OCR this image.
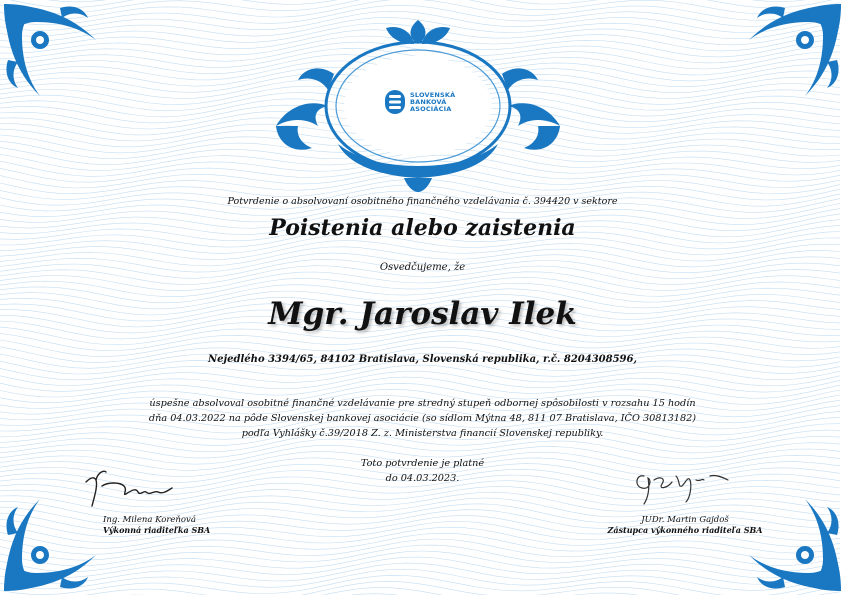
SLOVENSKÁ
BANKOVÁ
ASOCIÁCIA
Potvrdenie o absolvovaní osobitného finančného vzdelávania č. 394420 v sektore
Poistenia alebo zaistenia
Osvedčujeme, že
Mgr. Jaroslav Ilek
Nejedlého 3394/65, 84102 Bratislava, Slovenská republika, r.č. 8204308596,
úspešne absolvoval osobitné finančné vzdelávanie pre stredný stupeň odbornej spôsobilosti v rozsahu 15 hodín
dňa 04.03.2022 na pôde Slovenskej bankovej asociácie (so sídlom Mýtna 48, 811 07 Bratislava, IČO 30813182)
podľa Vyhlášky č.39/2018 Z. z. Ministerstva financií Slovenskej republiky.
Toto potvrdenie je platné
do 04.03.2023.
Ing. Milena Koreňová
Výkonná riaditeľka SBA
JUDr. Martin Gajdoš
Zástupca výkonného riaditeľa SBA
